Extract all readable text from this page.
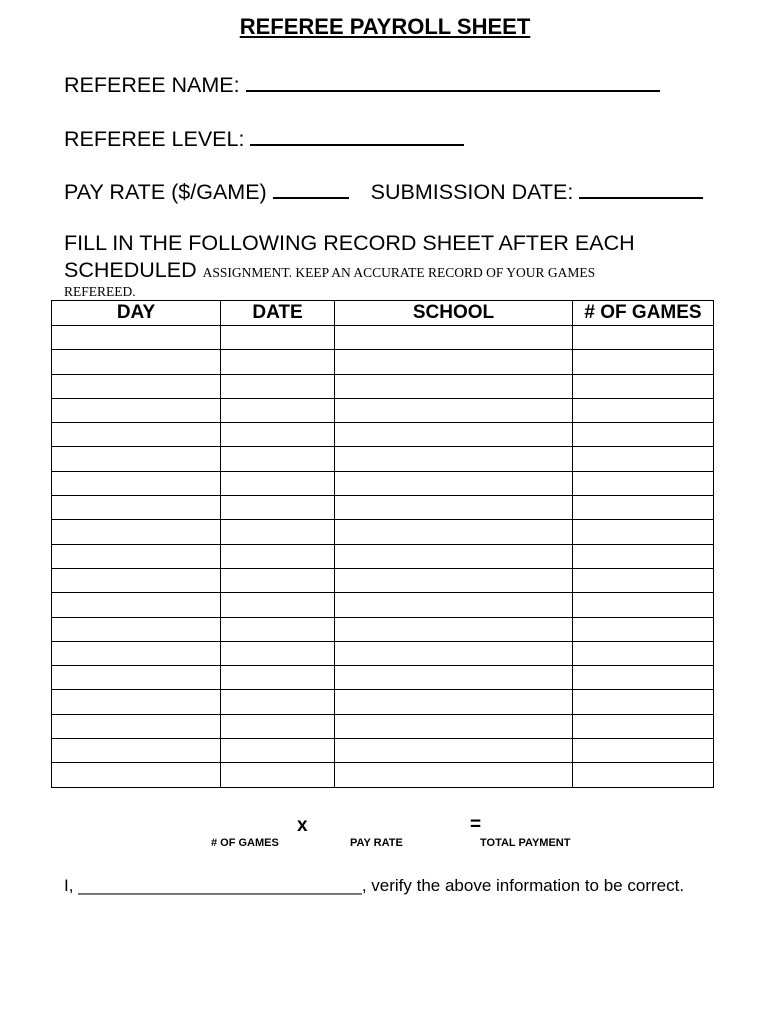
REFEREE PAYROLL SHEET
REFEREE NAME:
REFEREE LEVEL:
PAY RATE ($/GAME)	SUBMISSION DATE:
FILL IN THE FOLLOWING RECORD SHEET AFTER EACH
SCHEDULED ASSIGNMENT. KEEP AN ACCURATE RECORD OF YOUR GAMES
REFEREED.
DAY	DATE	SCHOOL	# OF GAMES

x	=
# OF GAMES	PAY RATE	TOTAL PAYMENT
I, ______________________________, verify the above information to be correct.
